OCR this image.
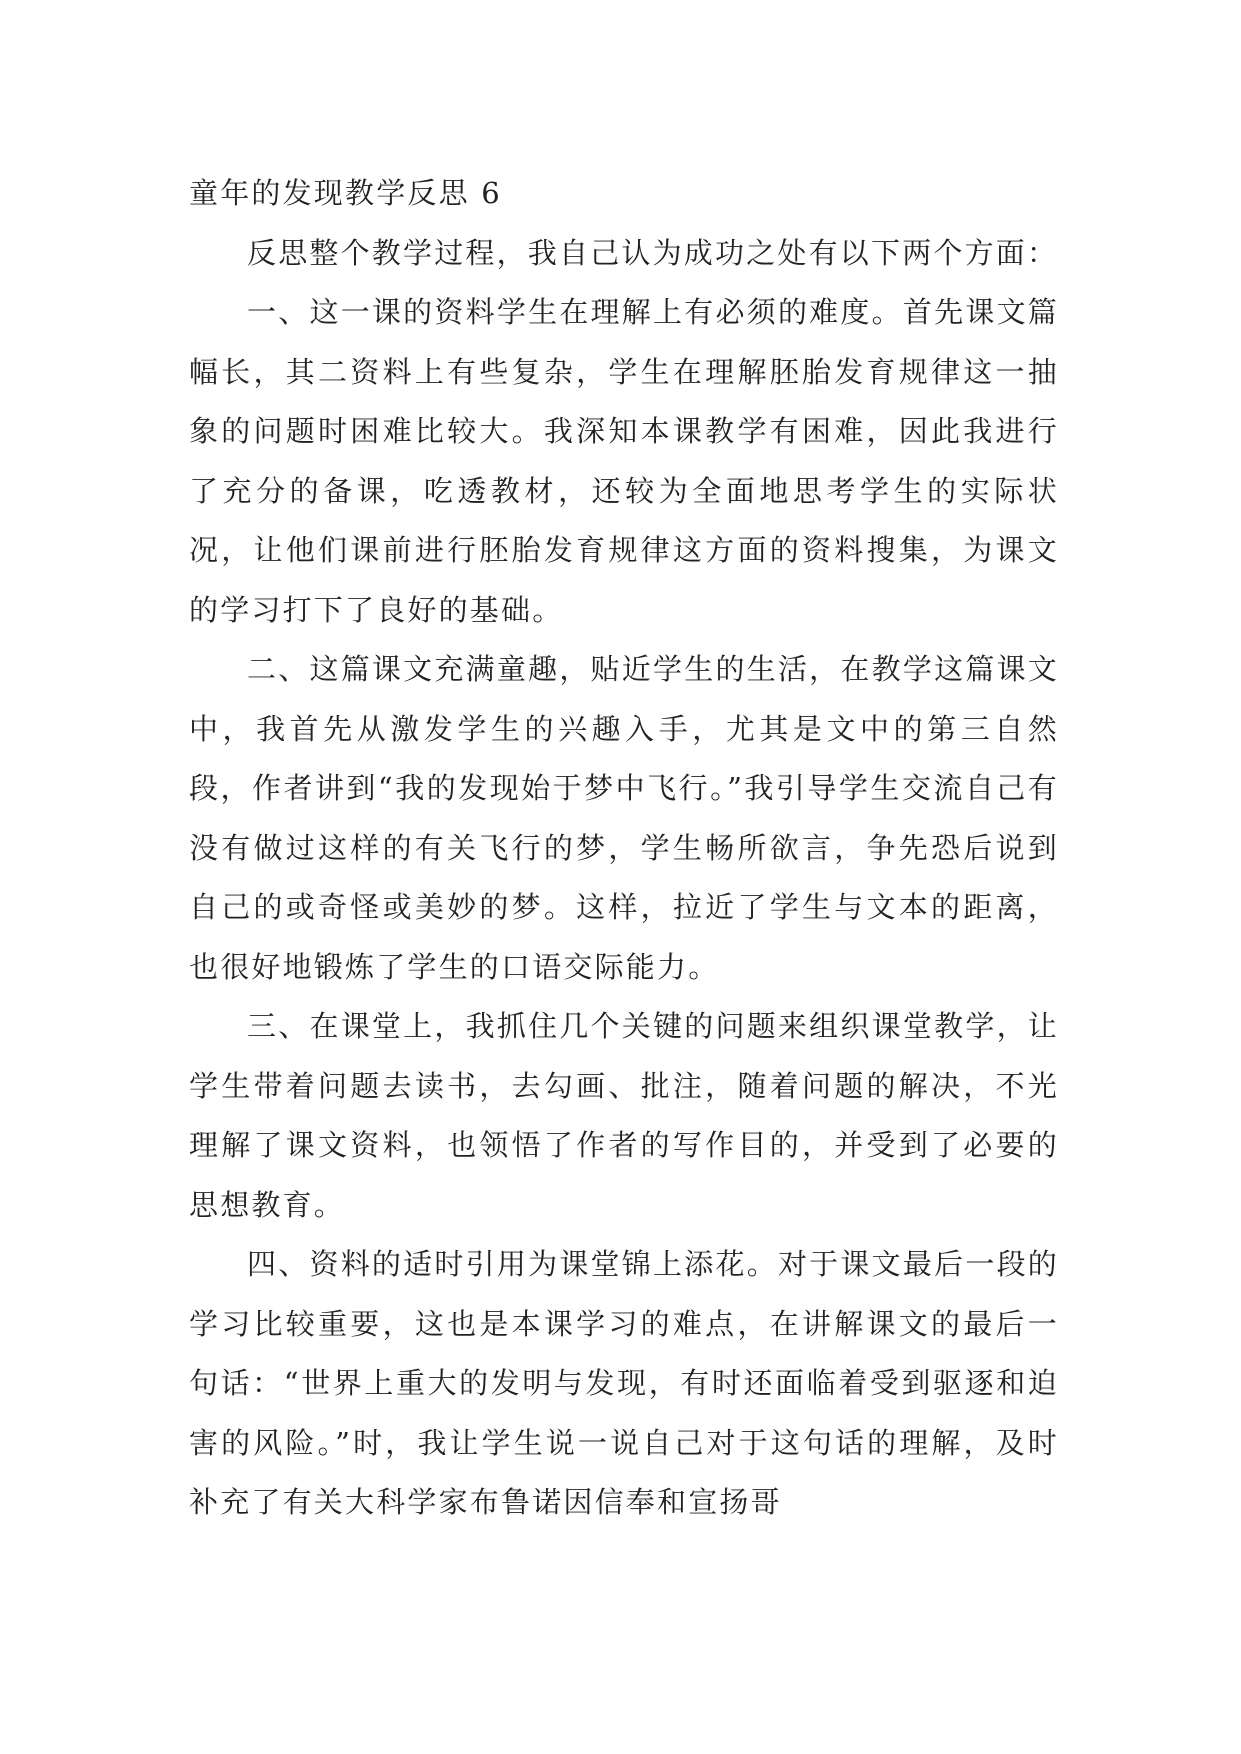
童年的发现教学反思 6

反思整个教学过程，我自己认为成功之处有以下两个方面：

一、这一课的资料学生在理解上有必须的难度。首先课文篇幅长，其二资料上有些复杂，学生在理解胚胎发育规律这一抽象的问题时困难比较大。我深知本课教学有困难，因此我进行了充分的备课，吃透教材，还较为全面地思考学生的实际状况，让他们课前进行胚胎发育规律这方面的资料搜集，为课文的学习打下了良好的基础。

二、这篇课文充满童趣，贴近学生的生活，在教学这篇课文中，我首先从激发学生的兴趣入手，尤其是文中的第三自然段，作者讲到“我的发现始于梦中飞行。”我引导学生交流自己有没有做过这样的有关飞行的梦，学生畅所欲言，争先恐后说到自己的或奇怪或美妙的梦。这样，拉近了学生与文本的距离，也很好地锻炼了学生的口语交际能力。

三、在课堂上，我抓住几个关键的问题来组织课堂教学，让学生带着问题去读书，去勾画、批注，随着问题的解决，不光理解了课文资料，也领悟了作者的写作目的，并受到了必要的思想教育。

四、资料的适时引用为课堂锦上添花。对于课文最后一段的学习比较重要，这也是本课学习的难点，在讲解课文的最后一句话：“世界上重大的发明与发现，有时还面临着受到驱逐和迫害的风险。”时，我让学生说一说自己对于这句话的理解，及时补充了有关大科学家布鲁诺因信奉和宣扬哥
